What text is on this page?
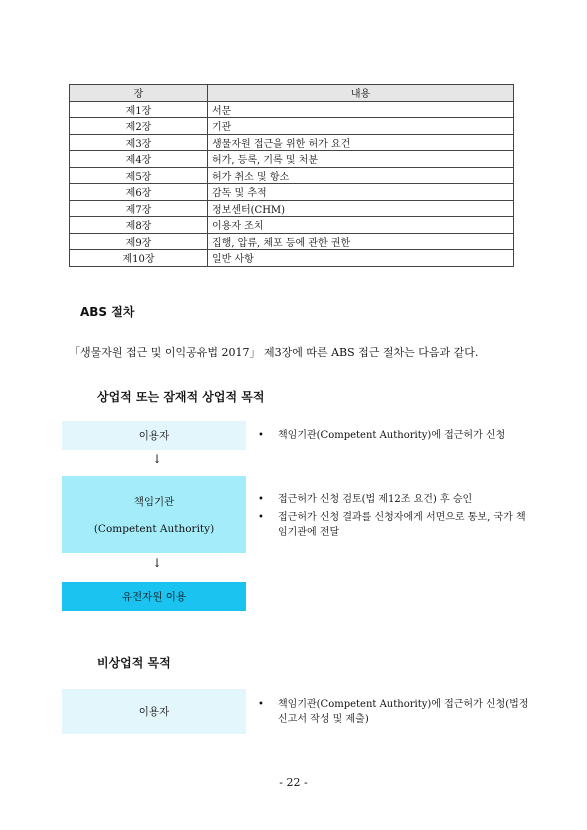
장	내용
제1장	서문
제2장	기관
제3장	생물자원 접근을 위한 허가 요건
제4장	허가, 등록, 기록 및 처분
제5장	허가 취소 및 항소
제6장	감독 및 추적
제7장	정보센터(CHM)
제8장	이용자 조치
제9장	집행, 압류, 체포 등에 관한 권한
제10장	일반 사항
ABS 절차
「생물자원 접근 및 이익공유법 2017」 제3장에 따른 ABS 접근 절차는 다음과 같다.
상업적 또는 잠재적 상업적 목적
이용자	•	책임기관(Competent Authority)에 접근허가 신청
↓
책임기관
(Competent Authority)
•	접근허가 신청 검토(법 제12조 요건) 후 승인
•	접근허가 신청 결과를 신청자에게 서면으로 통보, 국가 책임기관에 전달
↓
유전자원 이용
비상업적 목적
이용자
•	책임기관(Competent Authority)에 접근허가 신청(법정 신고서 작성 및 제출)
- 22 -
